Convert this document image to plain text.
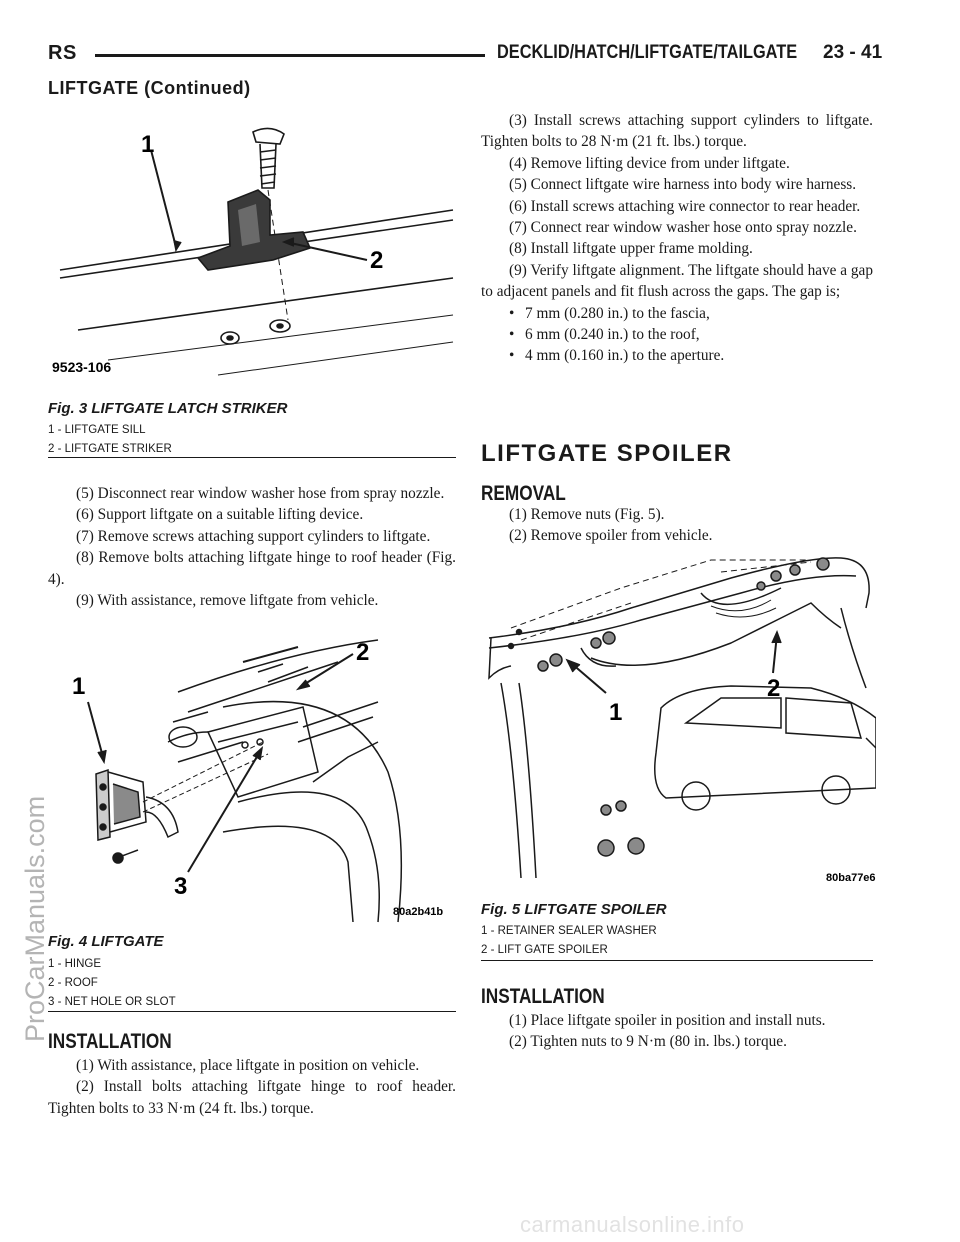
RS	DECKLID/HATCH/LIFTGATE/TAILGATE 23 - 41
LIFTGATE (Continued)
1
2
9523-106
Fig. 3 LIFTGATE LATCH STRIKER
1 - LIFTGATE SILL
2 - LIFTGATE STRIKER

(5) Disconnect rear window washer hose from spray nozzle.

(6) Support liftgate on a suitable lifting device.

(7) Remove screws attaching support cylinders to liftgate.

(8) Remove bolts attaching liftgate hinge to roof header (Fig. 4).

(9) With assistance, remove liftgate from vehicle.

1
2
3
80a2b41b
Fig. 4 LIFTGATE
1 - HINGE
2 - ROOF
3 - NET HOLE OR SLOT
INSTALLATION

(1) With assistance, place liftgate in position on vehicle.

(2) Install bolts attaching liftgate hinge to roof header. Tighten bolts to 33 N·m (24 ft. lbs.) torque.

(3) Install screws attaching support cylinders to liftgate. Tighten bolts to 28 N·m (21 ft. lbs.) torque.

(4) Remove lifting device from under liftgate.

(5) Connect liftgate wire harness into body wire harness.

(6) Install screws attaching wire connector to rear header.

(7) Connect rear window washer hose onto spray nozzle.

(8) Install liftgate upper frame molding.

(9) Verify liftgate alignment. The liftgate should have a gap to adjacent panels and fit flush across the gaps. The gap is;

• 7 mm (0.280 in.) to the fascia,

• 6 mm (0.240 in.) to the roof,

• 4 mm (0.160 in.) to the aperture.

LIFTGATE SPOILER
REMOVAL

(1) Remove nuts (Fig. 5).

(2) Remove spoiler from vehicle.

1
2
80ba77e6
Fig. 5 LIFTGATE SPOILER
1 - RETAINER SEALER WASHER
2 - LIFT GATE SPOILER
INSTALLATION

(1) Place liftgate spoiler in position and install nuts.

(2) Tighten nuts to 9 N·m (80 in. lbs.) torque.

ProCarManuals.com
carmanualsonline.info
